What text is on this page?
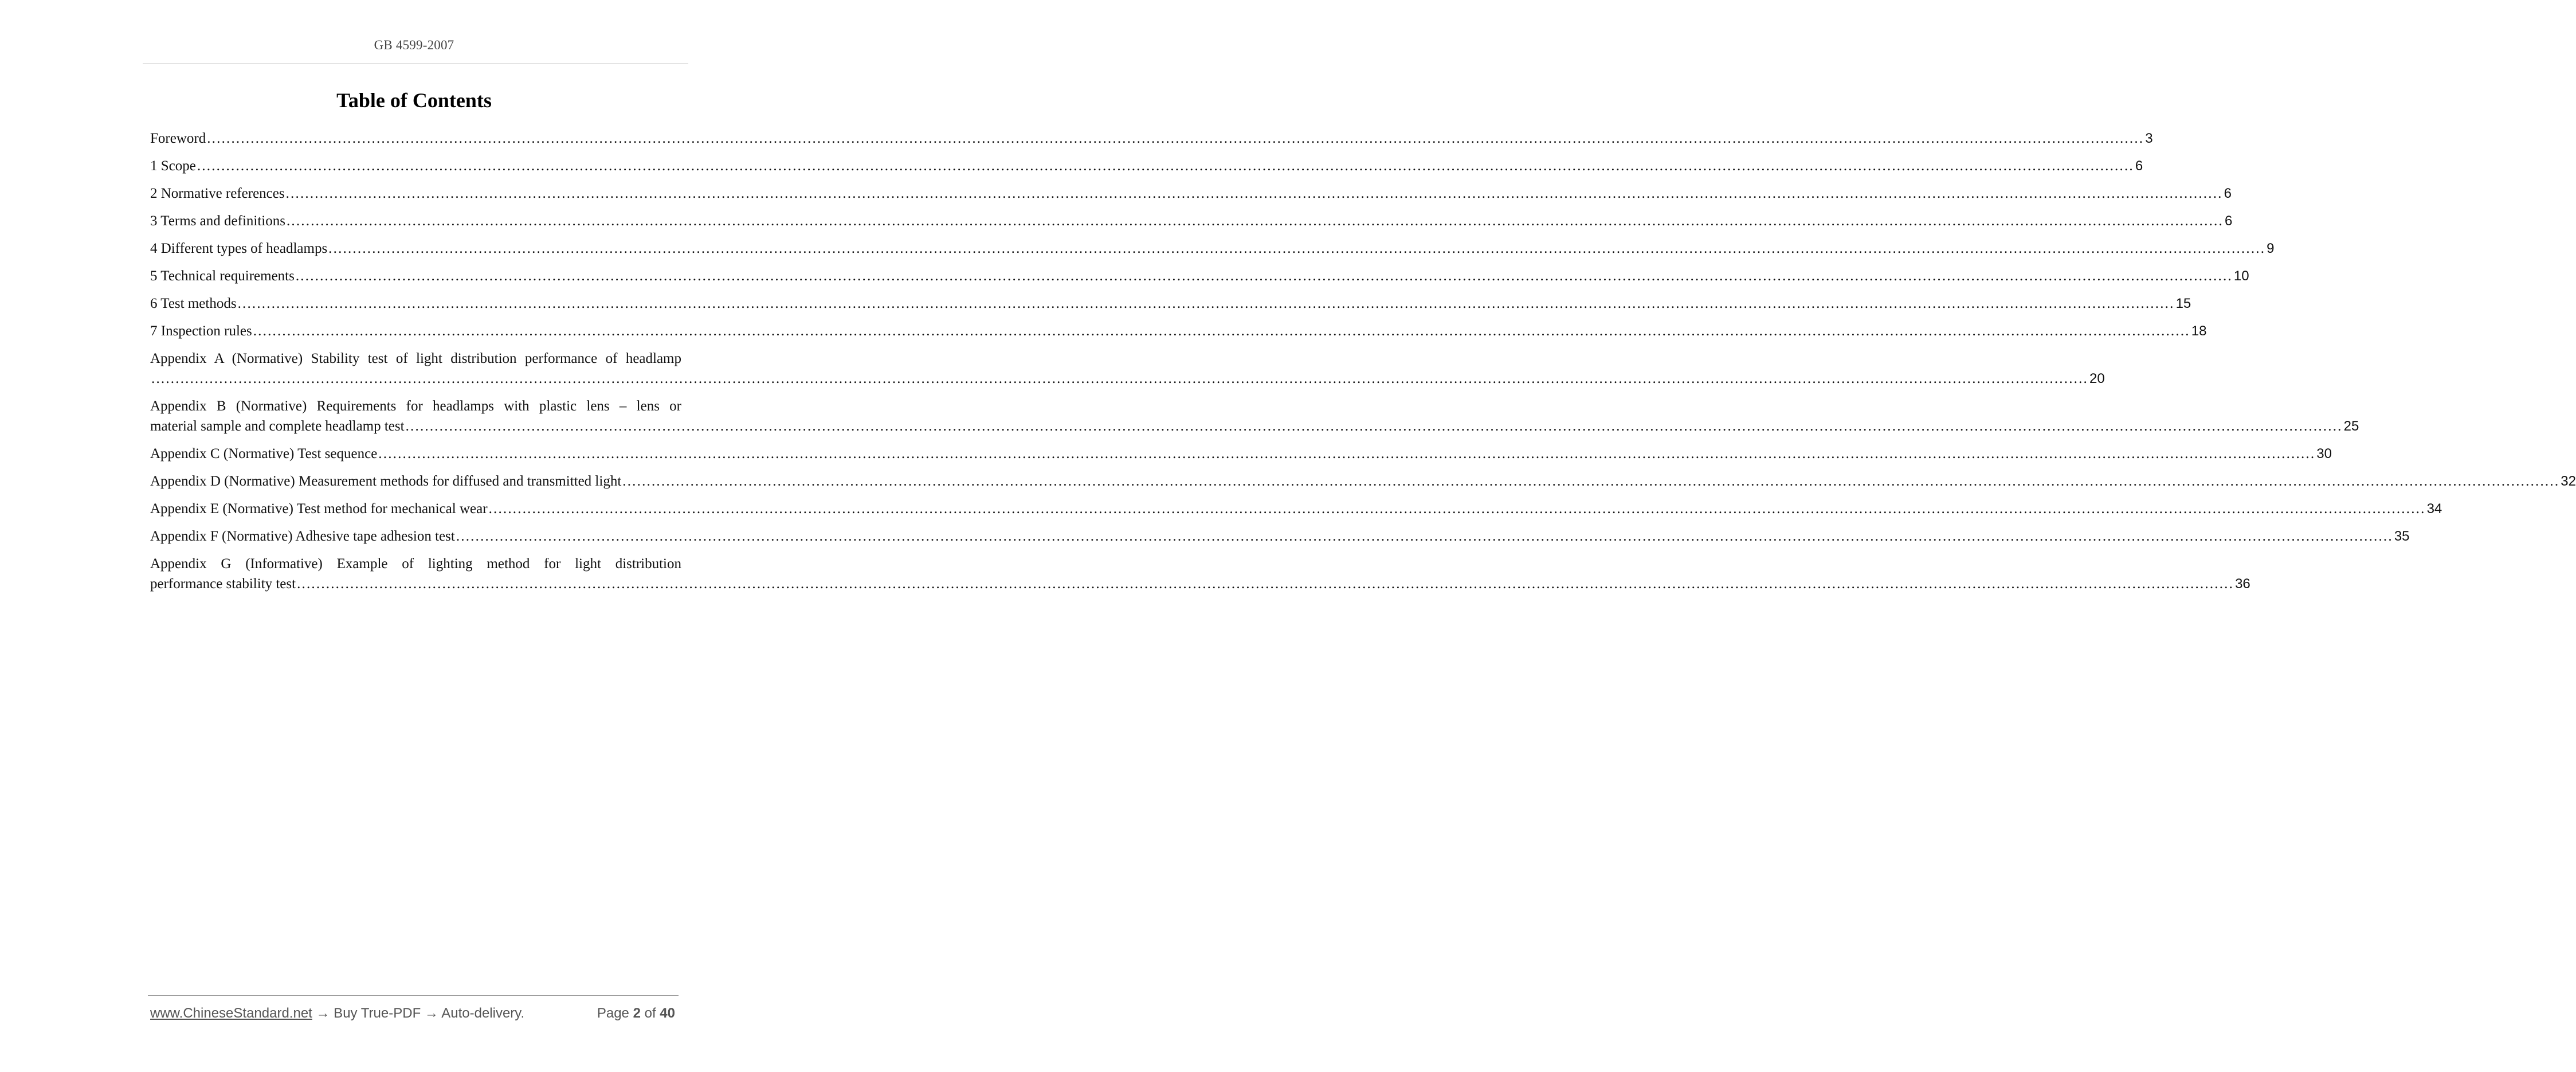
GB 4599-2007
Table of Contents
Foreword ................................................................................................................................................................................................................................................................................................................................................................................................................ 3
1 Scope ................................................................................................................................................................................................................................................................................................................................................................................................................ 6
2 Normative references ................................................................................................................................................................................................................................................................................................................................................................................................................ 6
3 Terms and definitions ................................................................................................................................................................................................................................................................................................................................................................................................................ 6
4 Different types of headlamps ................................................................................................................................................................................................................................................................................................................................................................................................................ 9
5 Technical requirements ................................................................................................................................................................................................................................................................................................................................................................................................................ 10
6 Test methods ................................................................................................................................................................................................................................................................................................................................................................................................................ 15
7 Inspection rules ................................................................................................................................................................................................................................................................................................................................................................................................................ 18
Appendix A (Normative) Stability test of light distribution performance of headlamp
................................................................................................................................................................................................................................................................................................................................................................................................................ 20
Appendix B (Normative) Requirements for headlamps with plastic lens – lens or
material sample and complete headlamp test ................................................................................................................................................................................................................................................................................................................................................................................................................ 25
Appendix C (Normative) Test sequence ................................................................................................................................................................................................................................................................................................................................................................................................................ 30
Appendix D (Normative) Measurement methods for diffused and transmitted light ................................................................................................................................................................................................................................................................................................................................................................................................................ 32
Appendix E (Normative) Test method for mechanical wear ................................................................................................................................................................................................................................................................................................................................................................................................................ 34
Appendix F (Normative) Adhesive tape adhesion test ................................................................................................................................................................................................................................................................................................................................................................................................................ 35
Appendix G (Informative) Example of lighting method for light distribution
performance stability test ................................................................................................................................................................................................................................................................................................................................................................................................................ 36
www.ChineseStandard.net → Buy True-PDF → Auto-delivery.	Page 2 of 40
